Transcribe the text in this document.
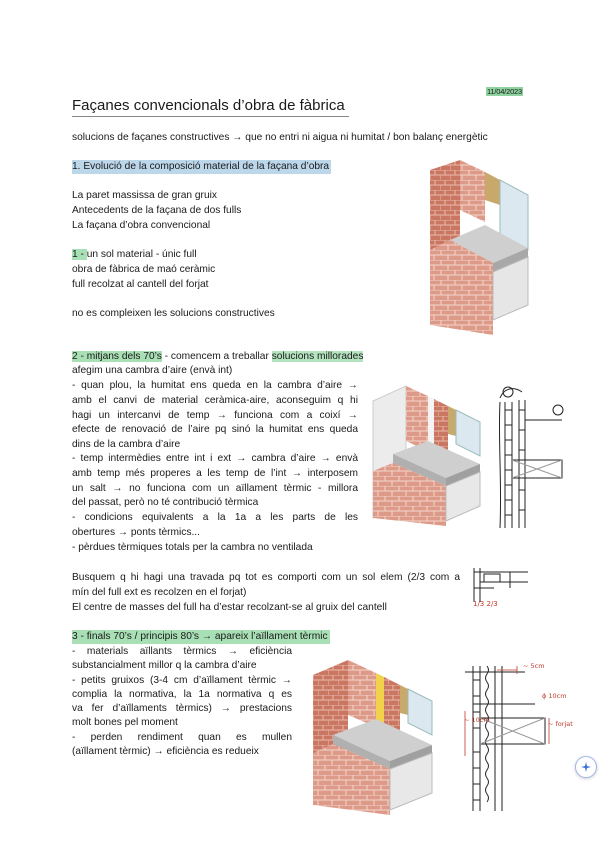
11/04/2023
Façanes convencionals d’obra de fàbrica
solucions de façanes constructives → que no entri ni aigua ni humitat / bon balanç energètic
1. Evolució de la composició material de la façana d’obra
La paret massissa de gran gruix
Antecedents de la façana de dos fulls
La façana d’obra convencional
1 - un sol material - únic full
obra de fàbrica de maó ceràmic
full recolzat al cantell del forjat
no es compleixen les solucions constructives
2 - mitjans dels 70’s - comencem a treballar solucions millorades
afegim una cambra d’aire (envà int)
- quan plou, la humitat ens queda en la cambra d’aire →
amb el canvi de material ceràmica-aire, aconseguim q hi
hagi un intercanvi de temp → funciona com a coixí →
efecte de renovació de l’aire pq sinó la humitat ens queda
dins de la cambra d’aire
- temp intermèdies entre int i ext → cambra d’aire → envà
amb temp més properes a les temp de l’int → interposem
un salt → no funciona com un aïllament tèrmic - millora
del passat, però no té contribució tèrmica
- condicions equivalents a la 1a a les parts de les
obertures → ponts tèrmics...
- pèrdues tèrmiques totals per la cambra no ventilada
Busquem q hi hagi una travada pq tot es comporti com un sol elem (2/3 com a
mín del full ext es recolzen en el forjat)
El centre de masses del full ha d’estar recolzant-se al gruix del cantell	1/3 2/3
3 - finals 70’s / principis 80’s → apareix l’aïllament tèrmic
- materials aïllants tèrmics → eficiència
substancialment millor q la cambra d’aire
- petits gruixos (3-4 cm d’aïllament tèrmic →
complia la normativa, la 1a normativa q es
va fer d’aïllaments tèrmics) → prestacions
molt bones pel moment
- perden rendiment quan es mullen
(aïllament tèrmic) → eficiència es redueix
~ 10cm
~ 5cm
~ forjat
ϕ 10cm
